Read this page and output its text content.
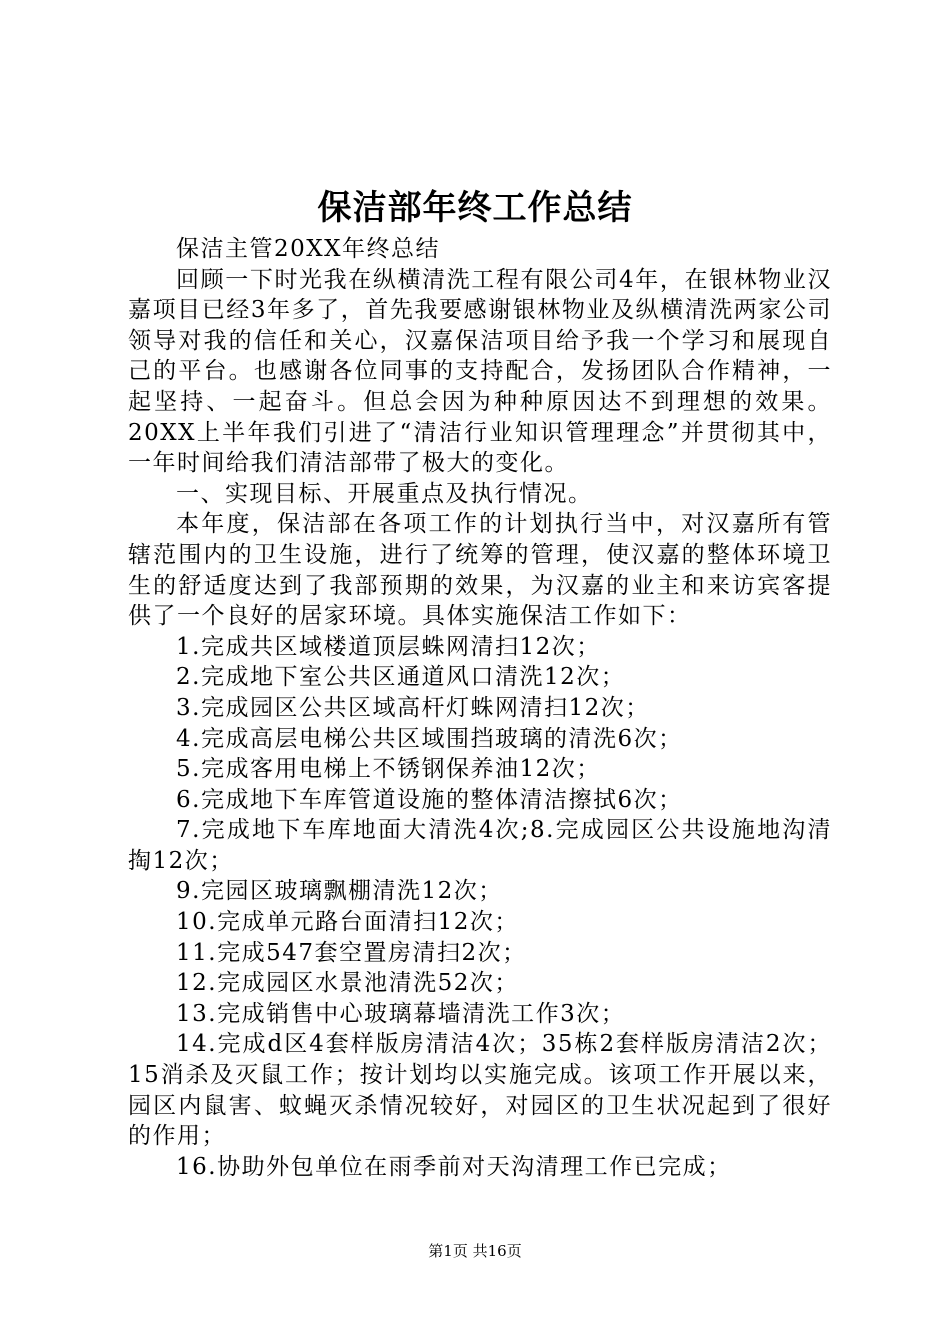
保洁部年终工作总结

保洁主管20XX年终总结

回顾一下时光我在纵横清洗工程有限公司4年，在银林物业汉嘉项目已经3年多了，首先我要感谢银林物业及纵横清洗两家公司领导对我的信任和关心，汉嘉保洁项目给予我一个学习和展现自己的平台。也感谢各位同事的支持配合，发扬团队合作精神，一起坚持、一起奋斗。但总会因为种种原因达不到理想的效果。20XX上半年我们引进了“清洁行业知识管理理念”并贯彻其中，一年时间给我们清洁部带了极大的变化。

一、实现目标、开展重点及执行情况。

本年度，保洁部在各项工作的计划执行当中，对汉嘉所有管辖范围内的卫生设施，进行了统筹的管理，使汉嘉的整体环境卫生的舒适度达到了我部预期的效果，为汉嘉的业主和来访宾客提供了一个良好的居家环境。具体实施保洁工作如下：

1.完成共区域楼道顶层蛛网清扫12次；

2.完成地下室公共区通道风口清洗12次；

3.完成园区公共区域高杆灯蛛网清扫12次；

4.完成高层电梯公共区域围挡玻璃的清洗6次；

5.完成客用电梯上不锈钢保养油12次；

6.完成地下车库管道设施的整体清洁擦拭6次；

7.完成地下车库地面大清洗4次;8.完成园区公共设施地沟清掏12次；

9.完园区玻璃飘棚清洗12次；

10.完成单元路台面清扫12次；

11.完成547套空置房清扫2次；

12.完成园区水景池清洗52次；

13.完成销售中心玻璃幕墙清洗工作3次；

14.完成d区4套样版房清洁4次；35栋2套样版房清洁2次；15消杀及灭鼠工作；按计划均以实施完成。该项工作开展以来，园区内鼠害、蚊蝇灭杀情况较好，对园区的卫生状况起到了很好的作用；

16.协助外包单位在雨季前对天沟清理工作已完成；

第1页 共16页
